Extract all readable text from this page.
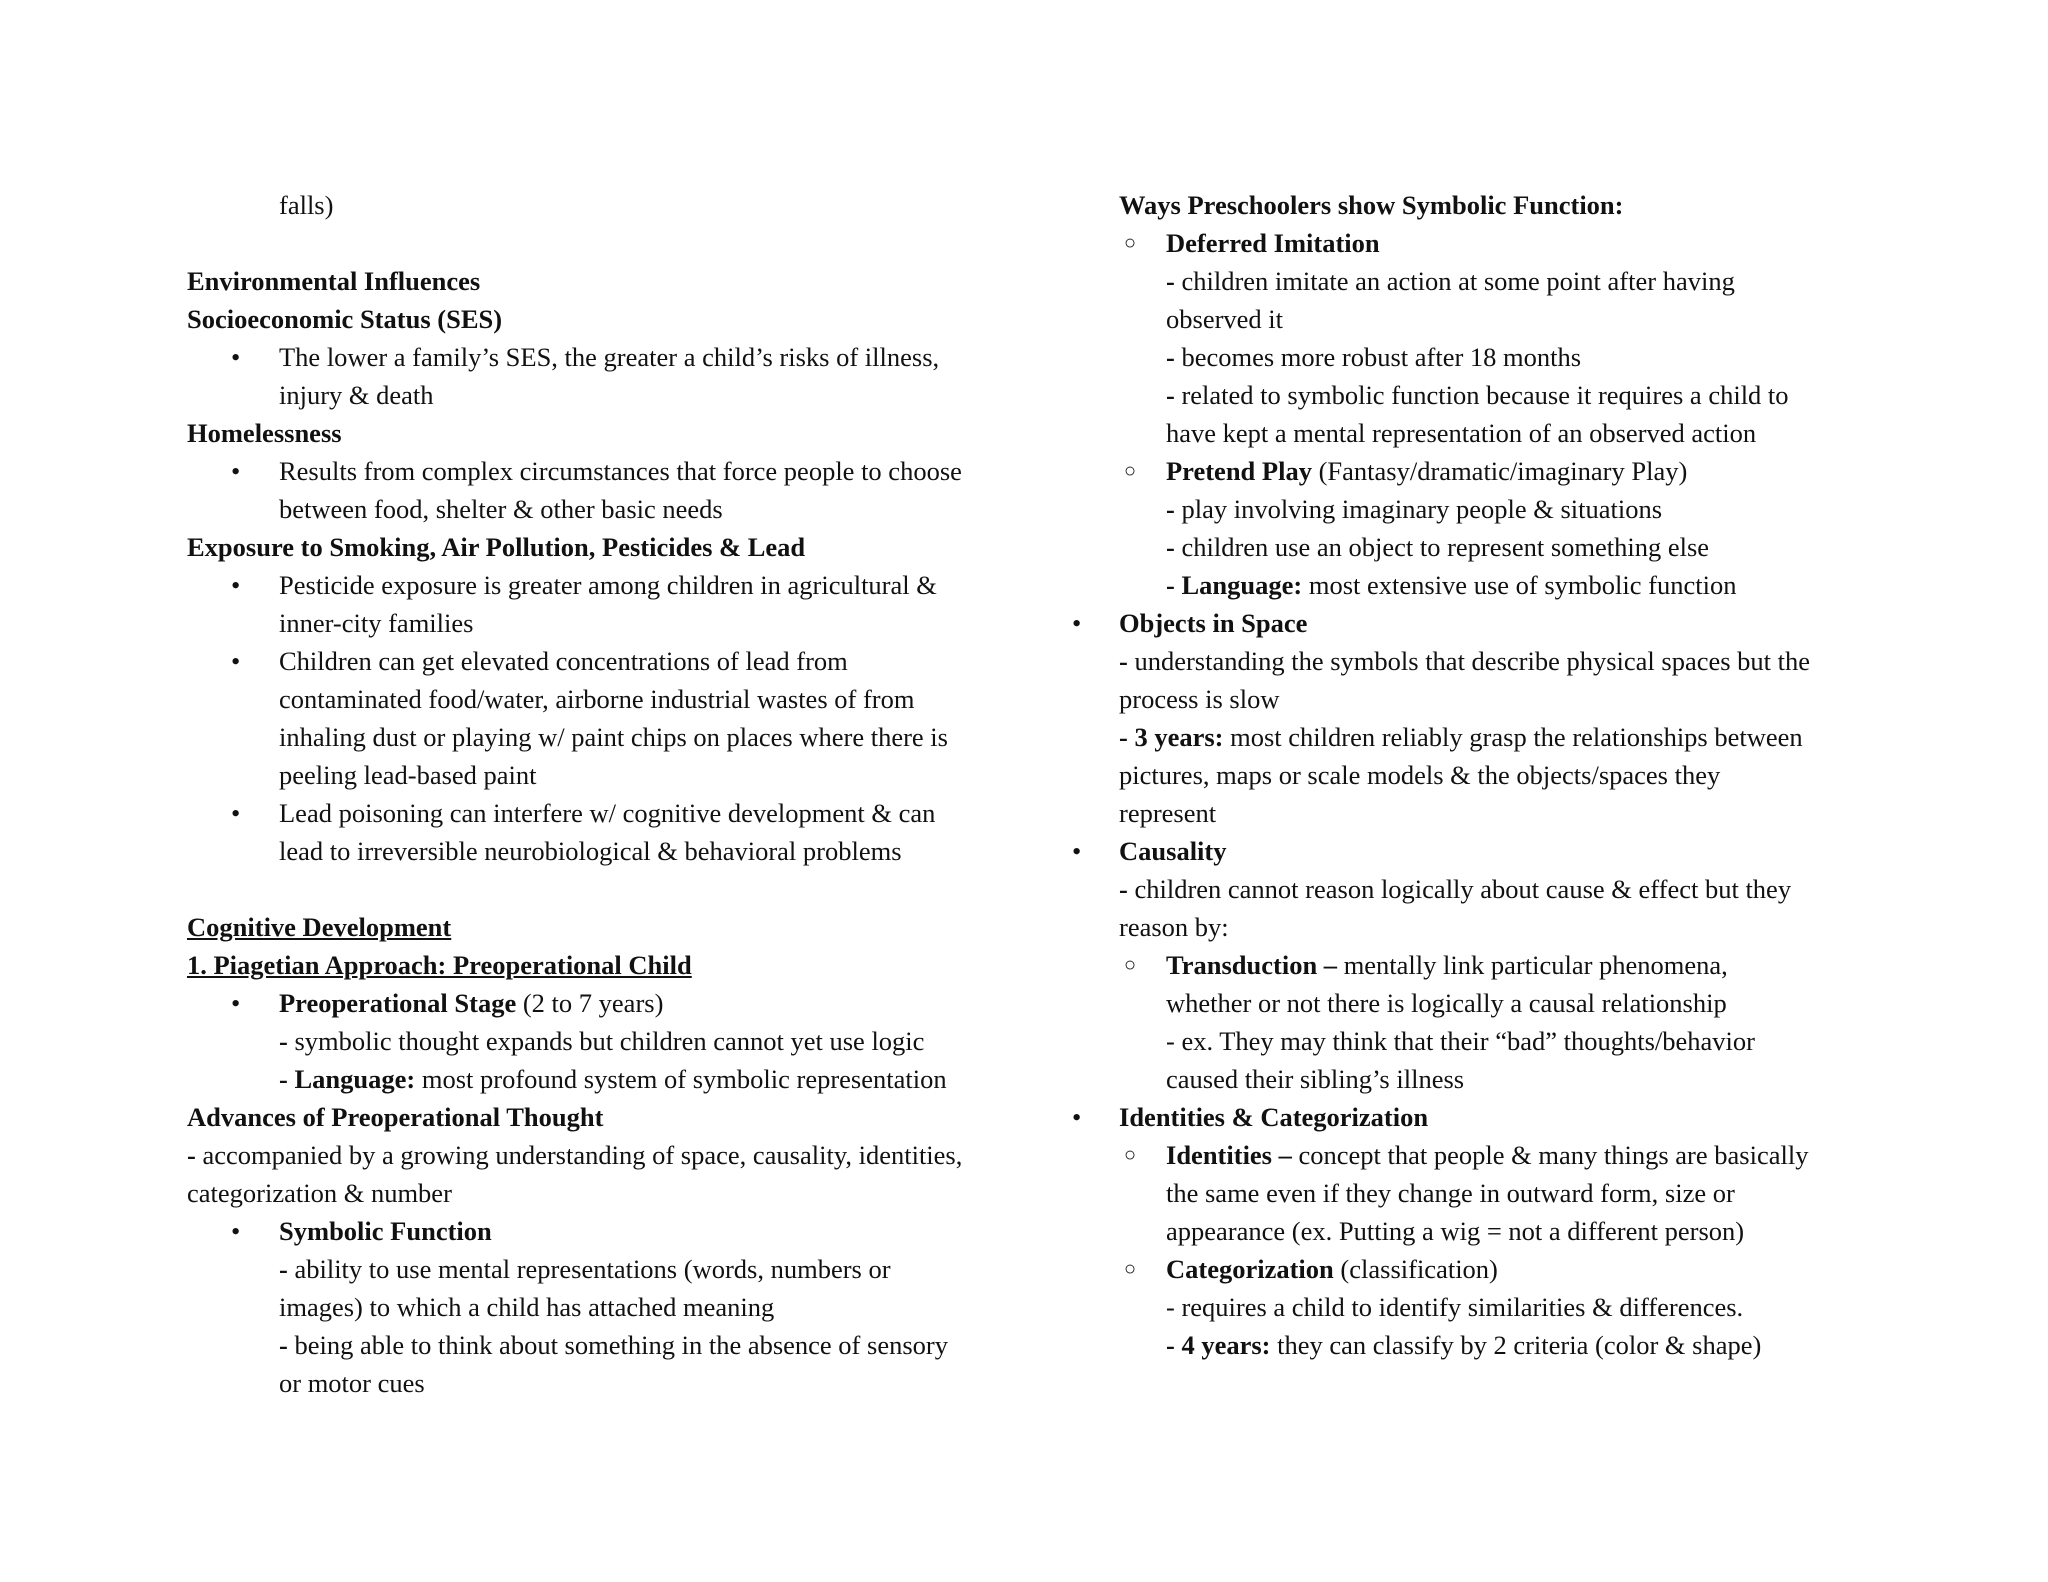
falls)
Environmental Influences
Socioeconomic Status (SES)
• The lower a family’s SES, the greater a child’s risks of illness,
injury & death
Homelessness
• Results from complex circumstances that force people to choose
between food, shelter & other basic needs
Exposure to Smoking, Air Pollution, Pesticides & Lead
• Pesticide exposure is greater among children in agricultural &
inner-city families
• Children can get elevated concentrations of lead from
contaminated food/water, airborne industrial wastes of from
inhaling dust or playing w/ paint chips on places where there is
peeling lead-based paint
• Lead poisoning can interfere w/ cognitive development & can
lead to irreversible neurobiological & behavioral problems
Cognitive Development
1. Piagetian Approach: Preoperational Child
• Preoperational Stage (2 to 7 years)
- symbolic thought expands but children cannot yet use logic
- Language: most profound system of symbolic representation
Advances of Preoperational Thought
- accompanied by a growing understanding of space, causality, identities,
categorization & number
• Symbolic Function
- ability to use mental representations (words, numbers or
images) to which a child has attached meaning
- being able to think about something in the absence of sensory
or motor cues
Ways Preschoolers show Symbolic Function:
○ Deferred Imitation
- children imitate an action at some point after having
observed it
- becomes more robust after 18 months
- related to symbolic function because it requires a child to
have kept a mental representation of an observed action
○ Pretend Play (Fantasy/dramatic/imaginary Play)
- play involving imaginary people & situations
- children use an object to represent something else
- Language: most extensive use of symbolic function
• Objects in Space
- understanding the symbols that describe physical spaces but the
process is slow
- 3 years: most children reliably grasp the relationships between
pictures, maps or scale models & the objects/spaces they
represent
• Causality
- children cannot reason logically about cause & effect but they
reason by:
○ Transduction – mentally link particular phenomena,
whether or not there is logically a causal relationship
- ex. They may think that their “bad” thoughts/behavior
caused their sibling’s illness
• Identities & Categorization
○ Identities – concept that people & many things are basically
the same even if they change in outward form, size or
appearance (ex. Putting a wig = not a different person)
○ Categorization (classification)
- requires a child to identify similarities & differences.
- 4 years: they can classify by 2 criteria (color & shape)
